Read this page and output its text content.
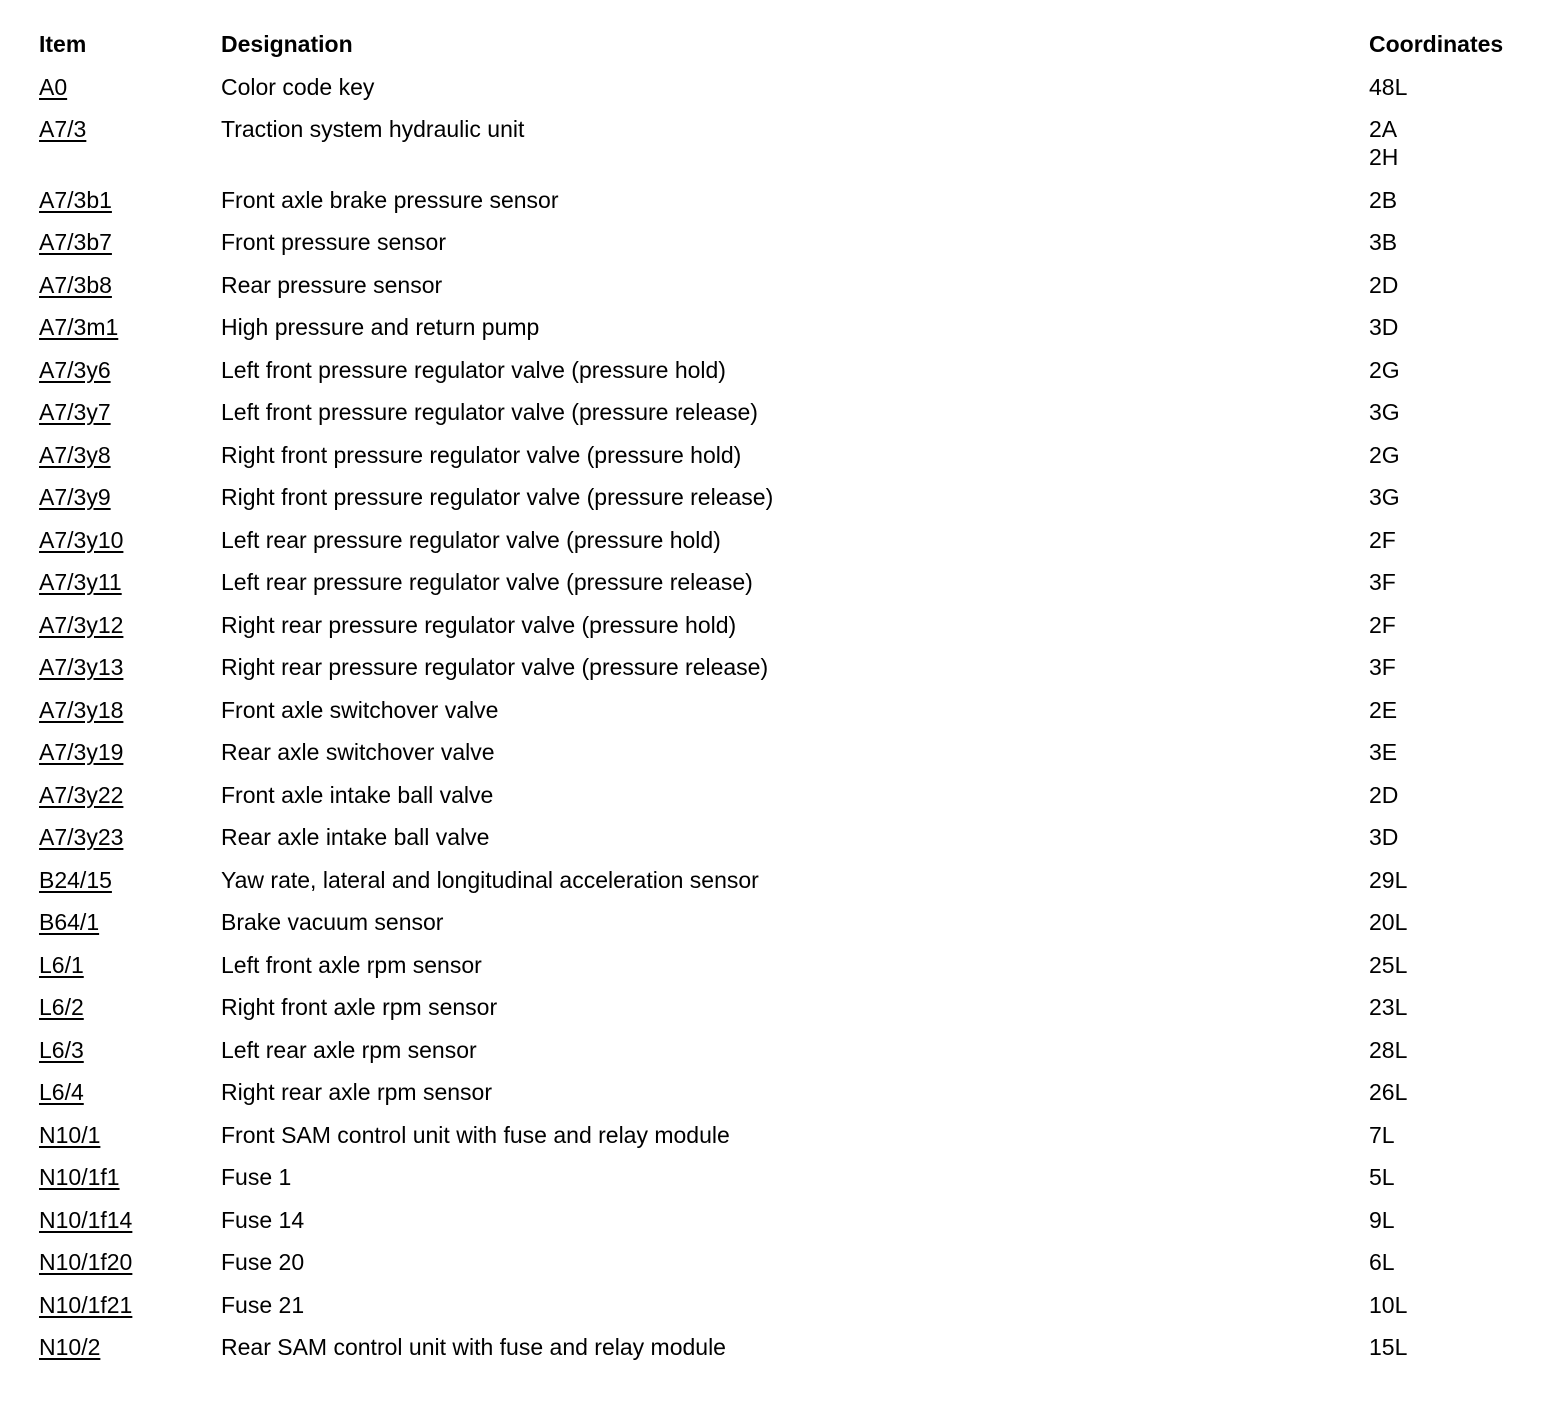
Item	Designation	Coordinates
A0	Color code key	48L
A7/3	Traction system hydraulic unit	2A
2H
A7/3b1	Front axle brake pressure sensor	2B
A7/3b7	Front pressure sensor	3B
A7/3b8	Rear pressure sensor	2D
A7/3m1	High pressure and return pump	3D
A7/3y6	Left front pressure regulator valve (pressure hold)	2G
A7/3y7	Left front pressure regulator valve (pressure release)	3G
A7/3y8	Right front pressure regulator valve (pressure hold)	2G
A7/3y9	Right front pressure regulator valve (pressure release)	3G
A7/3y10	Left rear pressure regulator valve (pressure hold)	2F
A7/3y11	Left rear pressure regulator valve (pressure release)	3F
A7/3y12	Right rear pressure regulator valve (pressure hold)	2F
A7/3y13	Right rear pressure regulator valve (pressure release)	3F
A7/3y18	Front axle switchover valve	2E
A7/3y19	Rear axle switchover valve	3E
A7/3y22	Front axle intake ball valve	2D
A7/3y23	Rear axle intake ball valve	3D
B24/15	Yaw rate, lateral and longitudinal acceleration sensor	29L
B64/1	Brake vacuum sensor	20L
L6/1	Left front axle rpm sensor	25L
L6/2	Right front axle rpm sensor	23L
L6/3	Left rear axle rpm sensor	28L
L6/4	Right rear axle rpm sensor	26L
N10/1	Front SAM control unit with fuse and relay module	7L
N10/1f1	Fuse 1	5L
N10/1f14	Fuse 14	9L
N10/1f20	Fuse 20	6L
N10/1f21	Fuse 21	10L
N10/2	Rear SAM control unit with fuse and relay module	15L
